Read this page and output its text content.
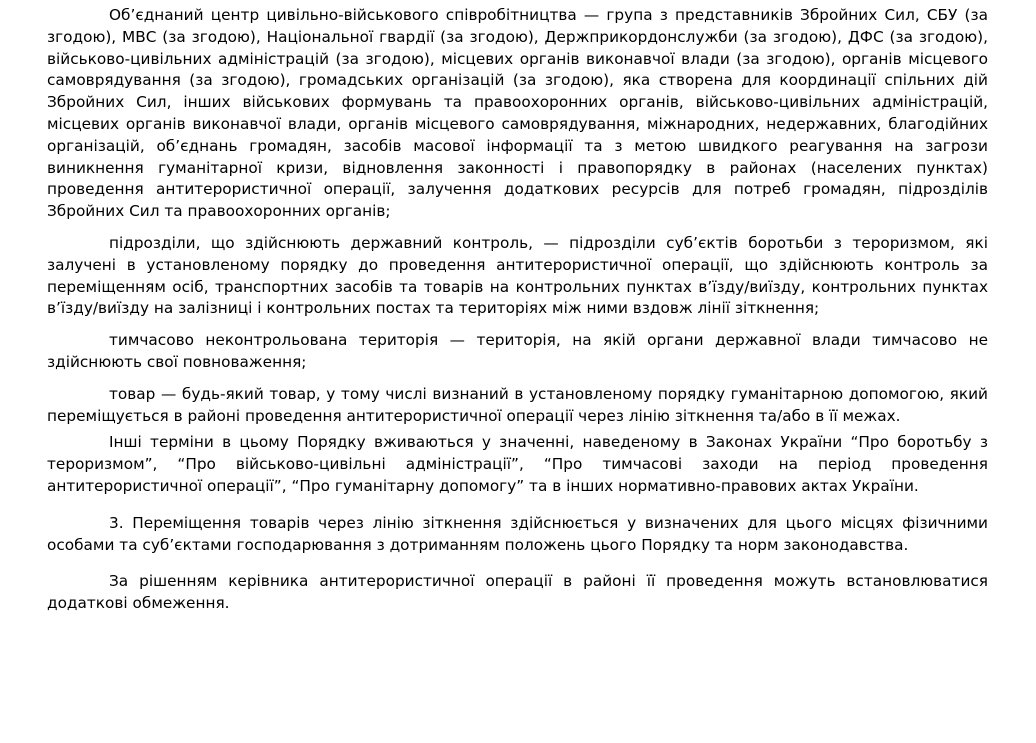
Об’єднаний центр цивільно-військового співробітництва — група з представників Збройних Сил, СБУ (за згодою), МВС (за згодою), Національної гвардії (за згодою), Держприкордонслужби (за згодою), ДФС (за згодою), військово-цивільних адміністрацій (за згодою), місцевих органів виконавчої влади (за згодою), органів місцевого самоврядування (за згодою), громадських організацій (за згодою), яка створена для координації спільних дій Збройних Сил, інших військових формувань та правоохоронних органів, військово-цивільних адміністрацій, місцевих органів виконавчої влади, органів місцевого самоврядування, міжнародних, недержавних, благодійних організацій, об’єднань громадян, засобів масової інформації та з метою швидкого реагування на загрози виникнення гуманітарної кризи, відновлення законності і правопорядку в районах (населених пунктах) проведення антитерористичної операції, залучення додаткових ресурсів для потреб громадян, підрозділів Збройних Сил та правоохоронних органів;

підрозділи, що здійснюють державний контроль, — підрозділи суб’єктів боротьби з тероризмом, які залучені в установленому порядку до проведення антитерористичної операції, що здійснюють контроль за переміщенням осіб, транспортних засобів та товарів на контрольних пунктах в’їзду/виїзду, контрольних пунктах в’їзду/виїзду на залізниці і контрольних постах та територіях між ними вздовж лінії зіткнення;

тимчасово неконтрольована територія — територія, на якій органи державної влади тимчасово не здійснюють свої повноваження;

товар — будь-який товар, у тому числі визнаний в установленому порядку гуманітарною допомогою, який переміщується в районі проведення антитерористичної операції через лінію зіткнення та/або в її межах.

Інші терміни в цьому Порядку вживаються у значенні, наведеному в Законах України “Про боротьбу з тероризмом”, “Про військово-цивільні адміністрації”, “Про тимчасові заходи на період проведення антитерористичної операції”, “Про гуманітарну допомогу” та в інших нормативно-правових актах України.

3. Переміщення товарів через лінію зіткнення здійснюється у визначених для цього місцях фізичними особами та суб’єктами господарювання з дотриманням положень цього Порядку та норм законодавства.

За рішенням керівника антитерористичної операції в районі її проведення можуть встановлюватися додаткові обмеження.
